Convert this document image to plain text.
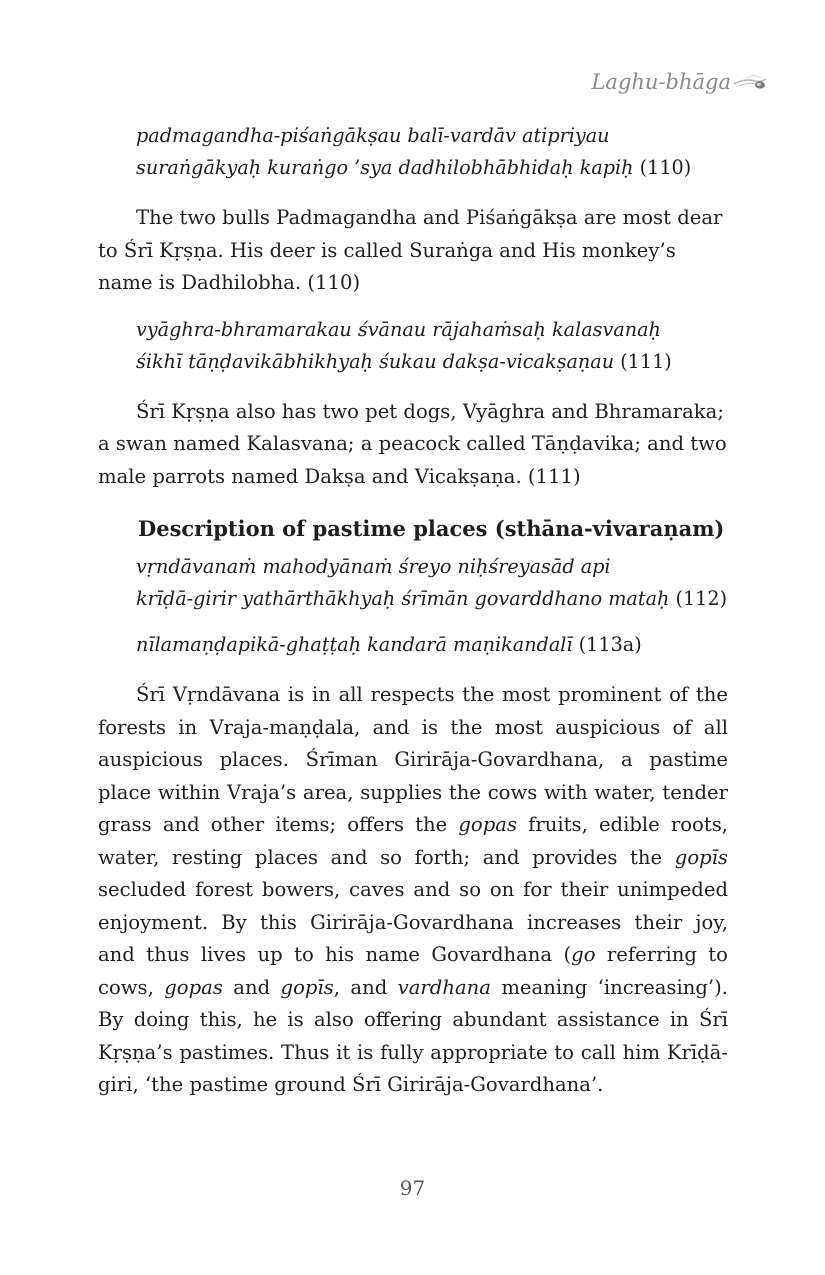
Laghu-bhāga
padmagandha-piśaṅgākṣau balī-vardāv atipriyau
suraṅgākyaḥ kuraṅgo ’sya dadhilobhābhidaḥ kapiḥ (110)

The two bulls Padmagandha and Piśaṅgākṣa are most dear to Śrī Kṛṣṇa. His deer is called Suraṅga and His monkey’s name is Dadhilobha. (110)

vyāghra-bhramarakau śvānau rājahaṁsaḥ kalasvanaḥ
śikhī tāṇḍavikābhikhyaḥ śukau dakṣa-vicakṣaṇau (111)

Śrī Kṛṣṇa also has two pet dogs, Vyāghra and Bhramaraka; a swan named Kalasvana; a peacock called Tāṇḍavika; and two male parrots named Dakṣa and Vicakṣaṇa. (111)

Description of pastime places (sthāna-vivaraṇam)
vṛndāvanaṁ mahodyānaṁ śreyo niḥśreyasād api
krīḍā-girir yathārthākhyaḥ śrīmān govarddhano mataḥ (112)
nīlamaṇḍapikā-ghaṭṭaḥ kandarā maṇikandalī (113a)

Śrī Vṛndāvana is in all respects the most prominent of the forests in Vraja-maṇḍala, and is the most auspicious of all auspicious places. Śrīman Girirāja-Govardhana, a pastime place within Vraja’s area, supplies the cows with water, tender grass and other items; offers the gopas fruits, edible roots, water, resting places and so forth; and provides the gopīs secluded forest bowers, caves and so on for their unimpeded enjoyment. By this Girirāja-Govardhana increases their joy, and thus lives up to his name Govardhana (go referring to cows, gopas and gopīs, and vardhana meaning ‘increasing’). By doing this, he is also offering abundant assistance in Śrī Kṛṣṇa’s pastimes. Thus it is fully appropriate to call him Krīḍā-giri, ‘the pastime ground Śrī Girirāja-Govardhana’.

97
